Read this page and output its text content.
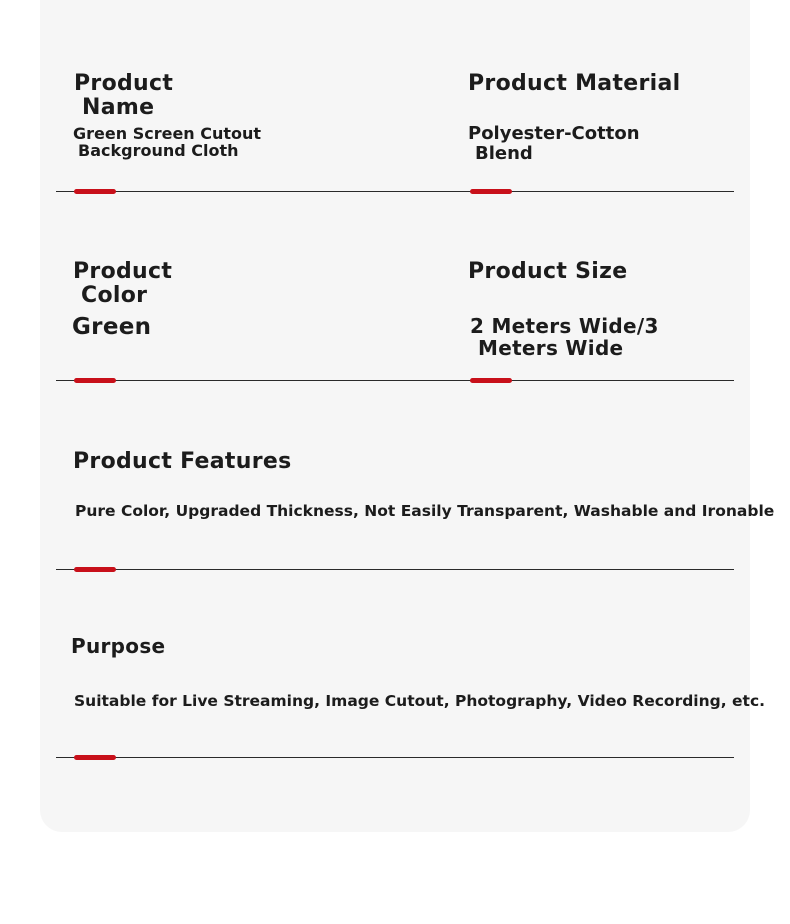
Product
Name

Green Screen Cutout
Background Cloth

Product Material

Polyester-Cotton
Blend

Product
Color

Green

Product Size

2 Meters Wide/3
Meters Wide

Product Features

Pure Color, Upgraded Thickness, Not Easily Transparent, Washable and Ironable

Purpose

Suitable for Live Streaming, Image Cutout, Photography, Video Recording, etc.
